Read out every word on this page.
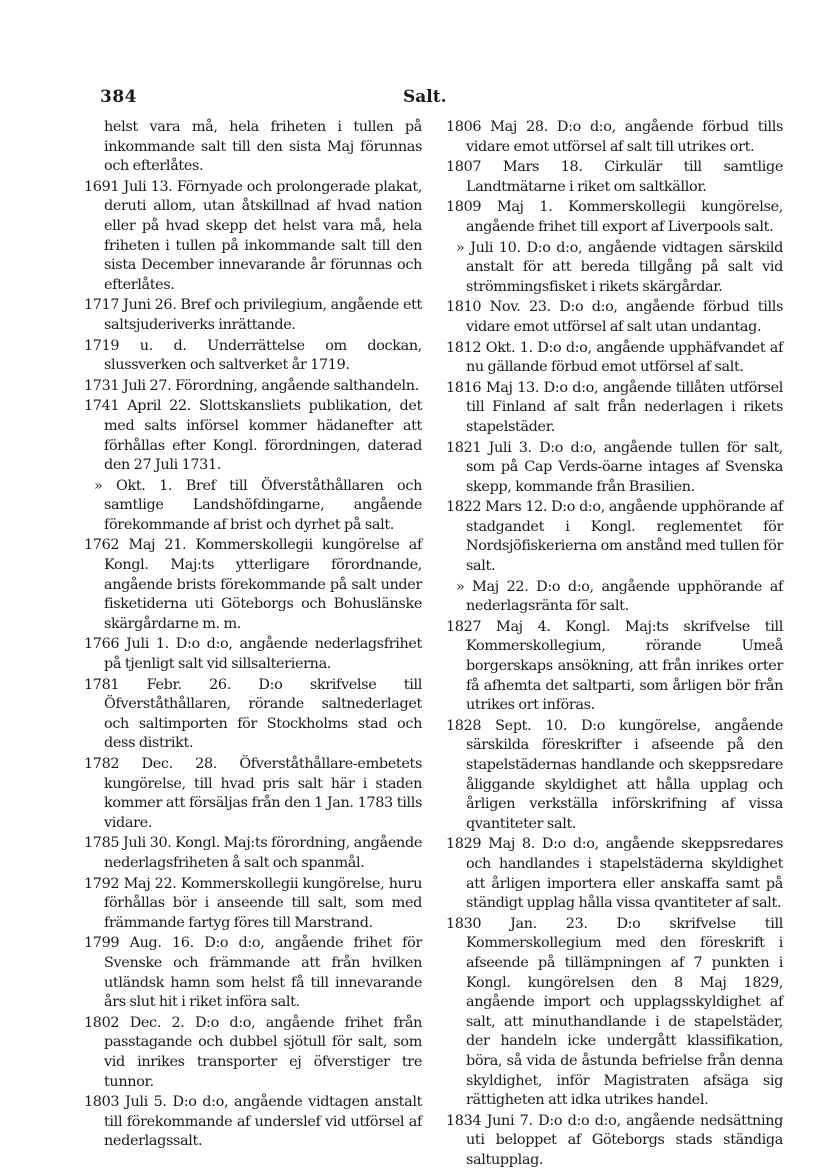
384	Salt.

helst vara må, hela friheten i tullen på inkommande salt till den sista Maj förunnas och efterlåtes.

1691 Juli 13. Förnyade och prolongerade plakat, deruti allom, utan åtskillnad af hvad nation eller på hvad skepp det helst vara må, hela friheten i tullen på inkommande salt till den sista December innevarande år förunnas och efterlåtes.

1717 Juni 26. Bref och privilegium, angående ett saltsjuderiverks inrättande.

1719 u. d. Underrättelse om dockan, slussverken och saltverket år 1719.

1731 Juli 27. Förordning, angående salthandeln.

1741 April 22. Slottskansliets publikation, det med salts införsel kommer hädanefter att förhållas efter Kongl. förordningen, daterad den 27 Juli 1731.

» Okt. 1. Bref till Öfverståthållaren och samtlige Landshöfdingarne, angående förekommande af brist och dyrhet på salt.

1762 Maj 21. Kommerskollegii kungörelse af Kongl. Maj:ts ytterligare förordnande, angående brists förekommande på salt under fisketiderna uti Göteborgs och Bohuslänske skärgårdarne m. m.

1766 Juli 1. D:o d:o, angående nederlagsfrihet på tjenligt salt vid sillsalterierna.

1781 Febr. 26. D:o skrifvelse till Öfverståthållaren, rörande saltnederlaget och saltimporten för Stockholms stad och dess distrikt.

1782 Dec. 28. Öfverståthållare-embetets kungörelse, till hvad pris salt här i staden kommer att försäljas från den 1 Jan. 1783 tills vidare.

1785 Juli 30. Kongl. Maj:ts förordning, angående nederlagsfriheten å salt och spanmål.

1792 Maj 22. Kommerskollegii kungörelse, huru förhållas bör i anseende till salt, som med främmande fartyg föres till Marstrand.

1799 Aug. 16. D:o d:o, angående frihet för Svenske och främmande att från hvilken utländsk hamn som helst få till innevarande års slut hit i riket införa salt.

1802 Dec. 2. D:o d:o, angående frihet från passtagande och dubbel sjötull för salt, som vid inrikes transporter ej öfverstiger tre tunnor.

1803 Juli 5. D:o d:o, angående vidtagen anstalt till förekommande af underslef vid utförsel af nederlagssalt.

1806 Maj 28. D:o d:o, angående förbud tills vidare emot utförsel af salt till utrikes ort.

1807 Mars 18. Cirkulär till samtlige Landtmätarne i riket om saltkällor.

1809 Maj 1. Kommerskollegii kungörelse, angående frihet till export af Liverpools salt.

» Juli 10. D:o d:o, angående vidtagen särskild anstalt för att bereda tillgång på salt vid strömmingsfisket i rikets skärgårdar.

1810 Nov. 23. D:o d:o, angående förbud tills vidare emot utförsel af salt utan undantag.

1812 Okt. 1. D:o d:o, angående upphäfvandet af nu gällande förbud emot utförsel af salt.

1816 Maj 13. D:o d:o, angående tillåten utförsel till Finland af salt från nederlagen i rikets stapelstäder.

1821 Juli 3. D:o d:o, angående tullen för salt, som på Cap Verds-öarne intages af Svenska skepp, kommande från Brasilien.

1822 Mars 12. D:o d:o, angående upphörande af stadgandet i Kongl. reglementet för Nordsjöfiskerierna om anstånd med tullen för salt.

» Maj 22. D:o d:o, angående upphörande af nederlagsränta för salt.

1827 Maj 4. Kongl. Maj:ts skrifvelse till Kommerskollegium, rörande Umeå borgerskaps ansökning, att från inrikes orter få afhemta det saltparti, som årligen bör från utrikes ort införas.

1828 Sept. 10. D:o kungörelse, angående särskilda föreskrifter i afseende på den stapelstädernas handlande och skeppsredare åliggande skyldighet att hålla upplag och årligen verkställa införskrifning af vissa qvantiteter salt.

1829 Maj 8. D:o d:o, angående skeppsredares och handlandes i stapelstäderna skyldighet att årligen importera eller anskaffa samt på ständigt upplag hålla vissa qvantiteter af salt.

1830 Jan. 23. D:o skrifvelse till Kommerskollegium med den föreskrift i afseende på tillämpningen af 7 punkten i Kongl. kungörelsen den 8 Maj 1829, angående import och upplagsskyldighet af salt, att minuthandlande i de stapelstäder, der handeln icke undergått klassifikation, böra, så vida de åstunda befrielse från denna skyldighet, inför Magistraten afsäga sig rättigheten att idka utrikes handel.

1834 Juni 7. D:o d:o d:o, angående nedsättning uti beloppet af Göteborgs stads ständiga saltupplag.
